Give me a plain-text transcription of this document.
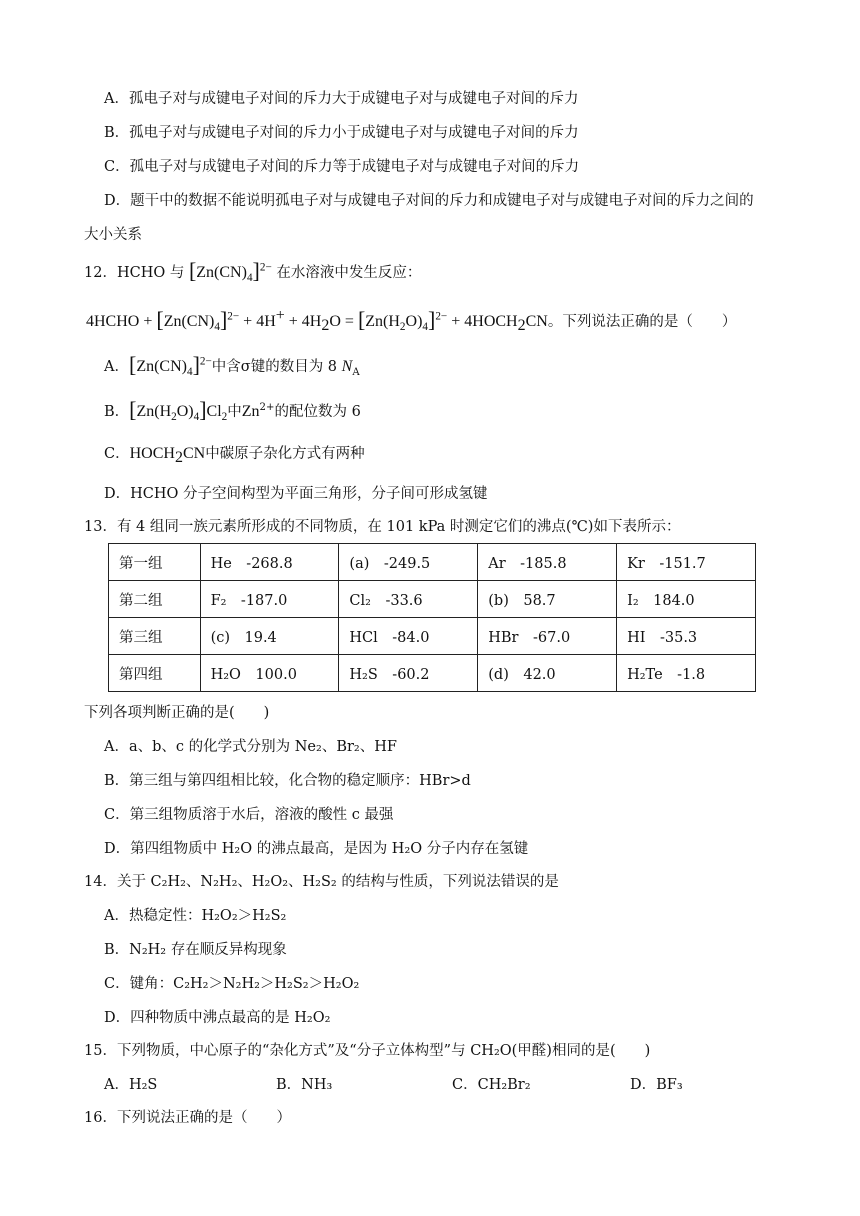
A．孤电子对与成键电子对间的斥力大于成键电子对与成键电子对间的斥力
B．孤电子对与成键电子对间的斥力小于成键电子对与成键电子对间的斥力
C．孤电子对与成键电子对间的斥力等于成键电子对与成键电子对间的斥力
D．题干中的数据不能说明孤电子对与成键电子对间的斥力和成键电子对与成键电子对间的斥力之间的
大小关系
12．HCHO 与 $[Zn(CN)_4]^{2-}$ 在水溶液中发生反应：
4HCHO + $[Zn(CN)_4]^{2-} + 4H^+ + 4H_2O = [Zn(H_2O)_4]^{2-}$ + $4HOCH_2CN$。下列说法正确的是（　　）
A．$[Zn(CN)_4]^{2-}$中含σ键的数目为 8 $N_A$
B．$[Zn(H_2O)_4]Cl_2$中$Zn^{2+}$的配位数为 6
C．$HOCH_2CN$中碳原子杂化方式有两种
D．HCHO 分子空间构型为平面三角形，分子间可形成氢键
13．有 4 组同一族元素所形成的不同物质，在 101 kPa 时测定它们的沸点(℃)如下表所示：
第一组	He　-268.8	(a)　-249.5	Ar　-185.8	Kr　-151.7
第二组	F₂　-187.0	Cl₂　-33.6	(b)　58.7	I₂　184.0
第三组	(c)　19.4	HCl　-84.0	HBr　-67.0	HI　-35.3
第四组	H₂O　100.0	H₂S　-60.2	(d)　42.0	H₂Te　-1.8
下列各项判断正确的是(　　)
A．a、b、c 的化学式分别为 Ne₂、Br₂、HF
B．第三组与第四组相比较，化合物的稳定顺序：HBr>d
C．第三组物质溶于水后，溶液的酸性 c 最强
D．第四组物质中 H₂O 的沸点最高，是因为 H₂O 分子内存在氢键
14．关于 C₂H₂、N₂H₂、H₂O₂、H₂S₂ 的结构与性质，下列说法错误的是
A．热稳定性：H₂O₂＞H₂S₂
B．N₂H₂ 存在顺反异构现象
C．键角：C₂H₂＞N₂H₂＞H₂S₂＞H₂O₂
D．四种物质中沸点最高的是 H₂O₂
15．下列物质，中心原子的“杂化方式”及“分子立体构型”与 CH₂O(甲醛)相同的是(　　)
A．H₂S	B．NH₃	C．CH₂Br₂	D．BF₃
16．下列说法正确的是（　　）
